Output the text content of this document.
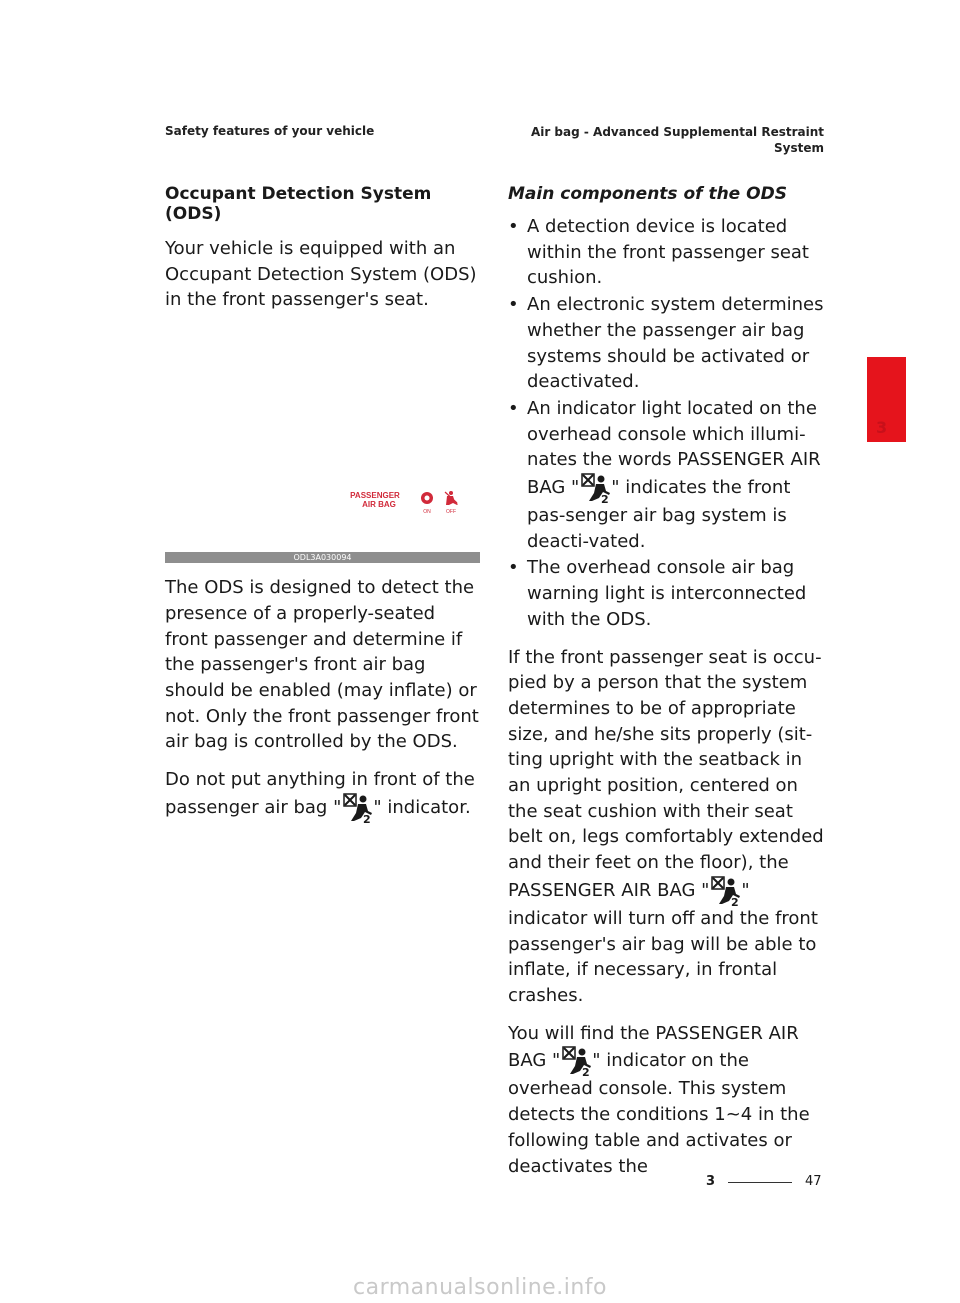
Safety features of your vehicle	Air bag - Advanced Supplemental Restraint
System
Occupant Detection System (ODS)

Your vehicle is equipped with an Occupant Detection System (ODS) in the front passenger's seat.

PASSENGER
AIR BAG
ON	OFF
ODL3A030094

The ODS is designed to detect the presence of a properly-seated front passenger and determine if the passenger's front air bag should be enabled (may inflate) or not. Only the front passenger front air bag is controlled by the ODS.

Do not put anything in front of the passenger air bag "
2
" indicator.

Main components of the ODS
• A detection device is located within the front passenger seat cushion.
• An electronic system determines whether the passenger air bag systems should be activated or deactivated.
• An indicator light located on the overhead console which illumi-nates the words PASSENGER AIR BAG "
2
" indicates the front pas-senger air bag system is deacti-vated.
• The overhead console air bag warning light is interconnected with the ODS.

If the front passenger seat is occu-pied by a person that the system determines to be of appropriate size, and he/she sits properly (sit-ting upright with the seatback in an upright position, centered on the seat cushion with their seat belt on, legs comfortably extended and their feet on the floor), the PASSENGER AIR BAG "
2
" indicator will turn off and the front passenger's air bag will be able to inflate, if necessary, in frontal crashes.

You will find the PASSENGER AIR BAG "
2
" indicator on the overhead console. This system detects the conditions 1~4 in the following table and activates or deactivates the

3
3	47
carmanualsonline.info
